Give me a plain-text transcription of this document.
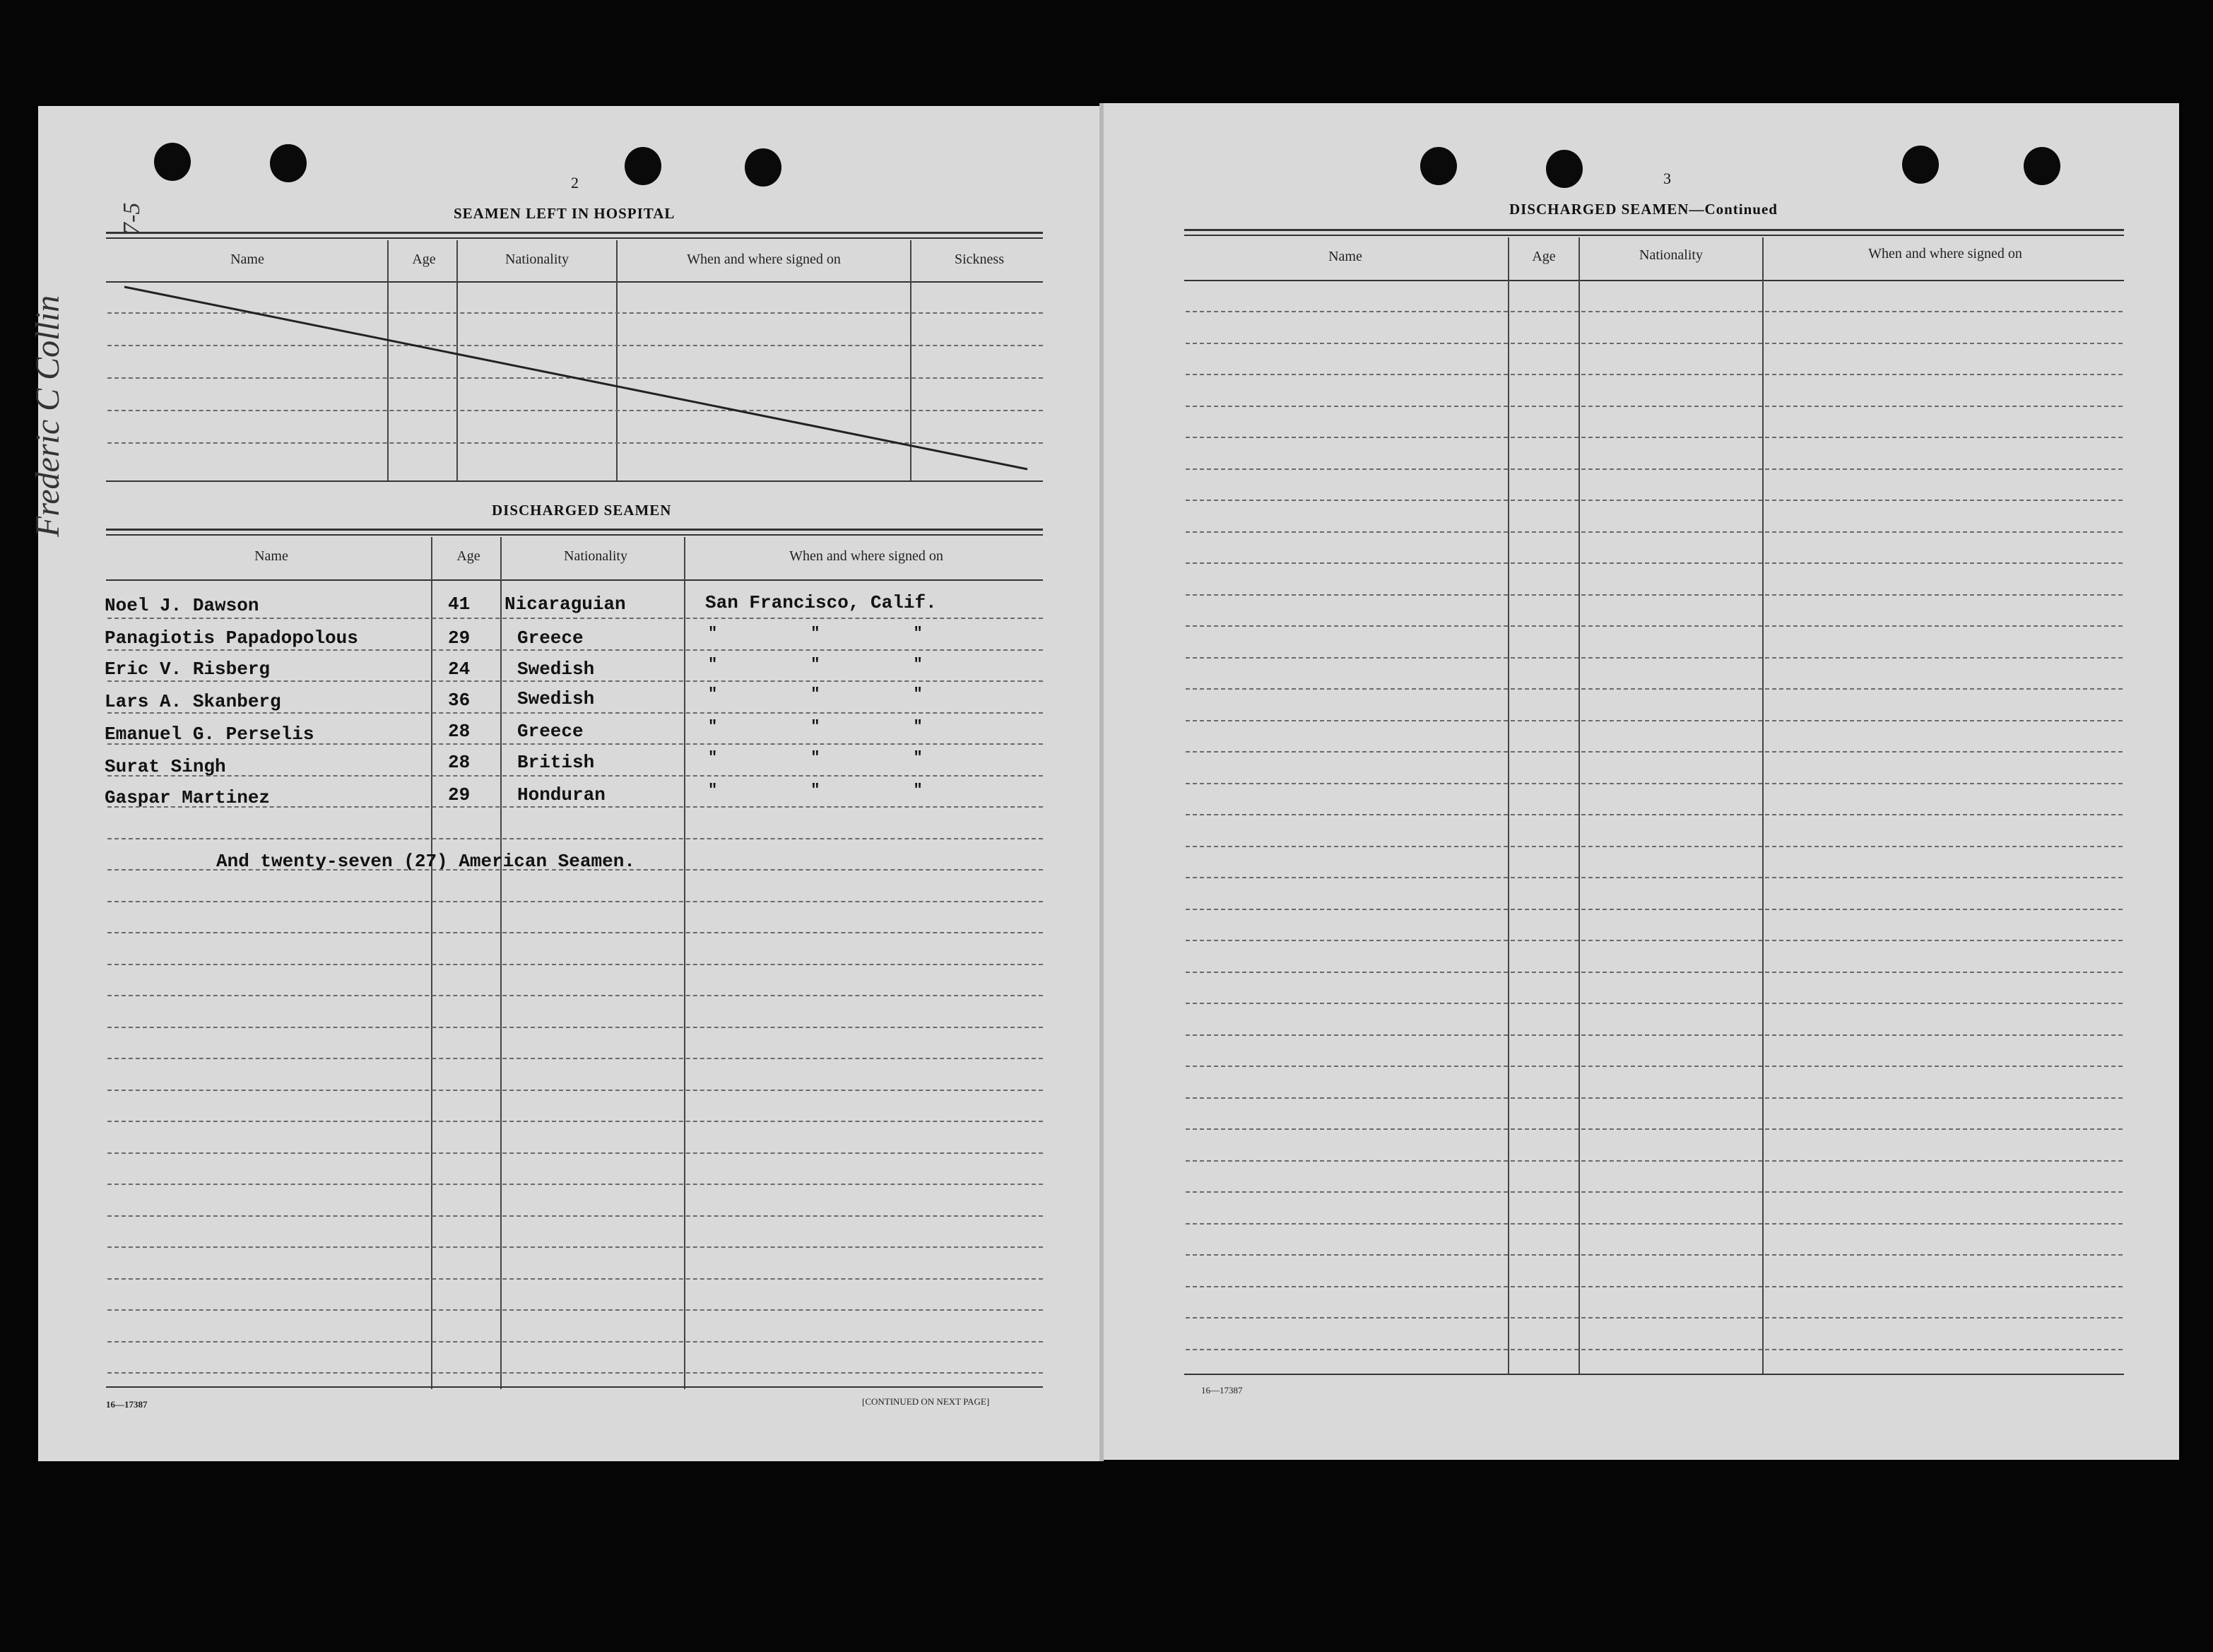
2
SEAMEN LEFT IN HOSPITAL
Name	Age	Nationality	When and where signed on	Sickness
DISCHARGED SEAMEN
Name	Age	Nationality	When and where signed on
Noel J. Dawson	41 Nicaraguian	San Francisco, Calif.
Panagiotis Papadopolous	29	Greece	"          "          "
Eric V. Risberg	24	Swedish	"          "          "
Lars A. Skanberg	36	Swedish	"          "          "
Emanuel G. Perselis	28	Greece	"          "          "
Surat Singh	28	British	"          "          "
Gaspar Martinez	29	Honduran	"          "          "
And twenty-seven (27) American Seamen.
16—17387	[CONTINUED ON NEXT PAGE]
Frederic C Collin
7-5
3
DISCHARGED SEAMEN—Continued
Name	Age	Nationality	When and where signed on
16—17387
